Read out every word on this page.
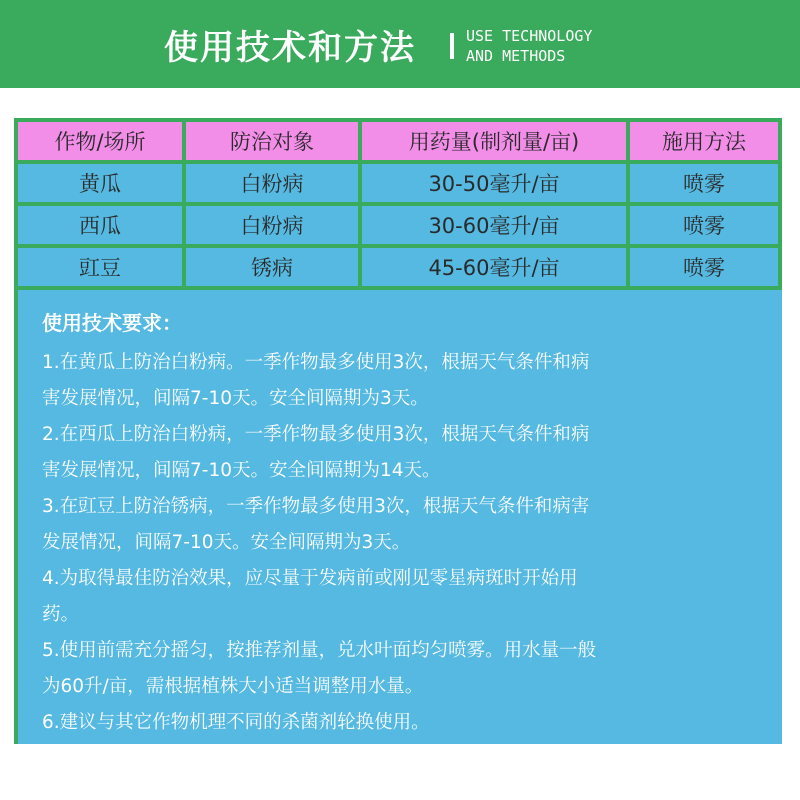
使用技术和方法	USE TECHNOLOGY
AND METHODS
作物/场所	防治对象	用药量(制剂量/亩)	施用方法
黄瓜	白粉病	30-50毫升/亩	喷雾
西瓜	白粉病	30-60毫升/亩	喷雾
豇豆	锈病	45-60毫升/亩	喷雾
使用技术要求：
1.在黄瓜上防治白粉病。一季作物最多使用3次，根据天气条件和病
害发展情况，间隔7-10天。安全间隔期为3天。
2.在西瓜上防治白粉病，一季作物最多使用3次，根据天气条件和病
害发展情况，间隔7-10天。安全间隔期为14天。
3.在豇豆上防治锈病，一季作物最多使用3次，根据天气条件和病害
发展情况，间隔7-10天。安全间隔期为3天。
4.为取得最佳防治效果，应尽量于发病前或刚见零星病斑时开始用
药。
5.使用前需充分摇匀，按推荐剂量，兑水叶面均匀喷雾。用水量一般
为60升/亩，需根据植株大小适当调整用水量。
6.建议与其它作物机理不同的杀菌剂轮换使用。
